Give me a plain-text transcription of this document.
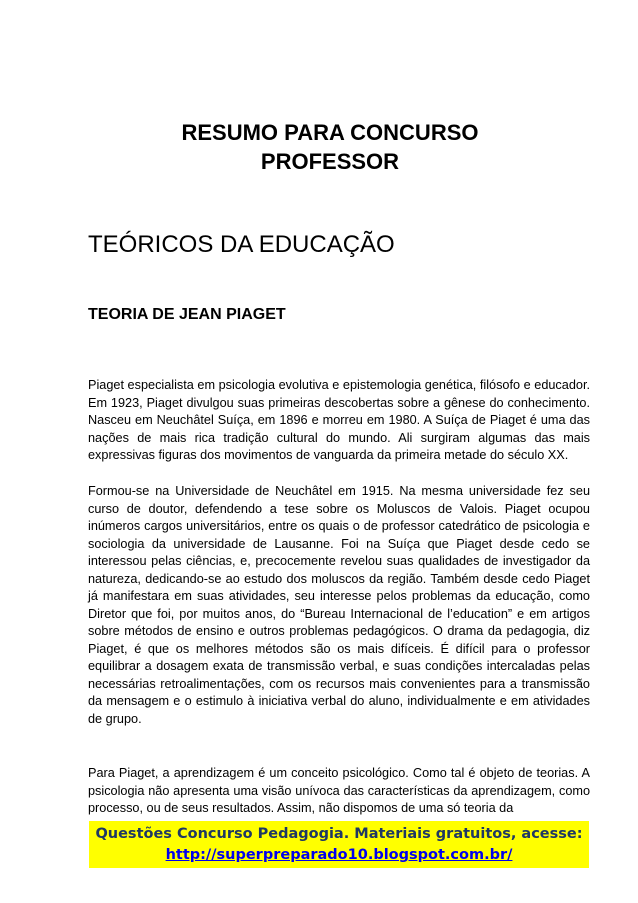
RESUMO PARA CONCURSO
PROFESSOR
TEÓRICOS DA EDUCAÇÃO
TEORIA DE JEAN PIAGET

Piaget especialista em psicologia evolutiva e epistemologia genética, filósofo e educador. Em 1923, Piaget divulgou suas primeiras descobertas sobre a gênese do conhecimento. Nasceu em Neuchâtel Suíça, em 1896 e morreu em 1980. A Suíça de Piaget é uma das nações de mais rica tradição cultural do mundo. Ali surgiram algumas das mais expressivas figuras dos movimentos de vanguarda da primeira metade do século XX.

Formou-se na Universidade de Neuchâtel em 1915. Na mesma universidade fez seu curso de doutor, defendendo a tese sobre os Moluscos de Valois. Piaget ocupou inúmeros cargos universitários, entre os quais o de professor catedrático de psicologia e sociologia da universidade de Lausanne. Foi na Suíça que Piaget desde cedo se interessou pelas ciências, e, precocemente revelou suas qualidades de investigador da natureza, dedicando-se ao estudo dos moluscos da região. Também desde cedo Piaget já manifestara em suas atividades, seu interesse pelos problemas da educação, como Diretor que foi, por muitos anos, do “Bureau Internacional de l’education” e em artigos sobre métodos de ensino e outros problemas pedagógicos. O drama da pedagogia, diz Piaget, é que os melhores métodos são os mais difíceis. É difícil para o professor equilibrar a dosagem exata de transmissão verbal, e suas condições intercaladas pelas necessárias retroalimentações, com os recursos mais convenientes para a transmissão da mensagem e o estimulo à iniciativa verbal do aluno, individualmente e em atividades de grupo.

Para Piaget, a aprendizagem é um conceito psicológico. Como tal é objeto de teorias. A psicologia não apresenta uma visão unívoca das características da aprendizagem, como processo, ou de seus resultados. Assim, não dispomos de uma só teoria da

Questões Concurso Pedagogia. Materiais gratuitos, acesse:
http://superpreparado10.blogspot.com.br/
